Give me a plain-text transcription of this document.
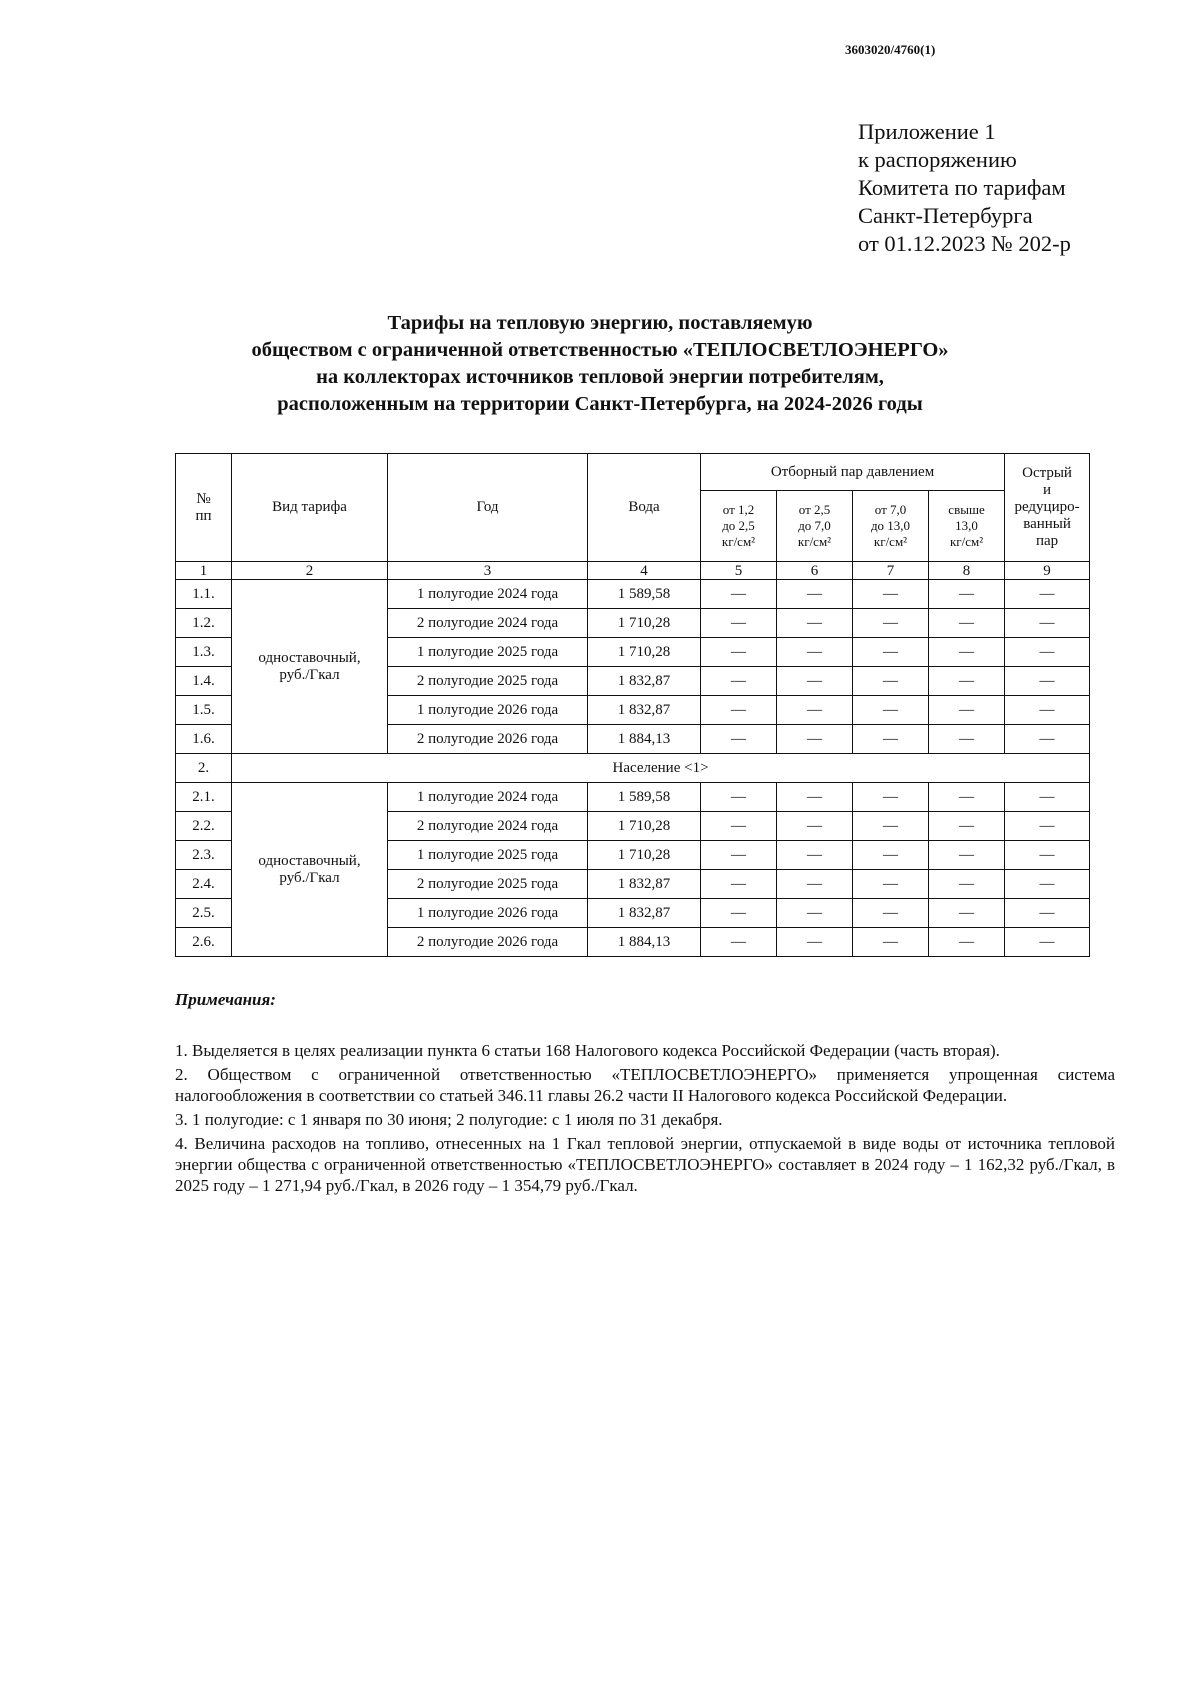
3603020/4760(1)
Приложение 1
к распоряжению
Комитета по тарифам
Санкт-Петербурга
от 01.12.2023 № 202-р
Тарифы на тепловую энергию, поставляемую
обществом с ограниченной ответственностью «ТЕПЛОСВЕТЛОЭНЕРГО»
на коллекторах источников тепловой энергии потребителям,
расположенным на территории Санкт-Петербурга, на 2024-2026 годы
№
пп	Вид тарифа	Год	Вода	Отборный пар давлением				Острый
и
редуциро-
ванный
пар
				от 1,2
до 2,5
кг/см²	от 2,5
до 7,0
кг/см²	от 7,0
до 13,0
кг/см²	свыше
13,0
кг/см²	
1	2	3	4	5	6	7	8	9
1.1.	одноставочный,
руб./Гкал	1 полугодие 2024 года	1 589,58	—	—	—	—	—
1.2.		2 полугодие 2024 года	1 710,28	—	—	—	—	—
1.3.		1 полугодие 2025 года	1 710,28	—	—	—	—	—
1.4.		2 полугодие 2025 года	1 832,87	—	—	—	—	—
1.5.		1 полугодие 2026 года	1 832,87	—	—	—	—	—
1.6.		2 полугодие 2026 года	1 884,13	—	—	—	—	—
2.	Население <1>							
2.1.	одноставочный,
руб./Гкал	1 полугодие 2024 года	1 589,58	—	—	—	—	—
2.2.		2 полугодие 2024 года	1 710,28	—	—	—	—	—
2.3.		1 полугодие 2025 года	1 710,28	—	—	—	—	—
2.4.		2 полугодие 2025 года	1 832,87	—	—	—	—	—
2.5.		1 полугодие 2026 года	1 832,87	—	—	—	—	—
2.6.		2 полугодие 2026 года	1 884,13	—	—	—	—	—
Примечания:

1. Выделяется в целях реализации пункта 6 статьи 168 Налогового кодекса Российской Федерации (часть вторая).

2. Обществом с ограниченной ответственностью «ТЕПЛОСВЕТЛОЭНЕРГО» применяется упрощенная система налогообложения в соответствии со статьей 346.11 главы 26.2 части II Налогового кодекса Российской Федерации.

3. 1 полугодие: с 1 января по 30 июня; 2 полугодие: с 1 июля по 31 декабря.

4. Величина расходов на топливо, отнесенных на 1 Гкал тепловой энергии, отпускаемой в виде воды от источника тепловой энергии общества с ограниченной ответственностью «ТЕПЛОСВЕТЛОЭНЕРГО» составляет в 2024 году – 1 162,32 руб./Гкал, в 2025 году – 1 271,94 руб./Гкал, в 2026 году – 1 354,79 руб./Гкал.
